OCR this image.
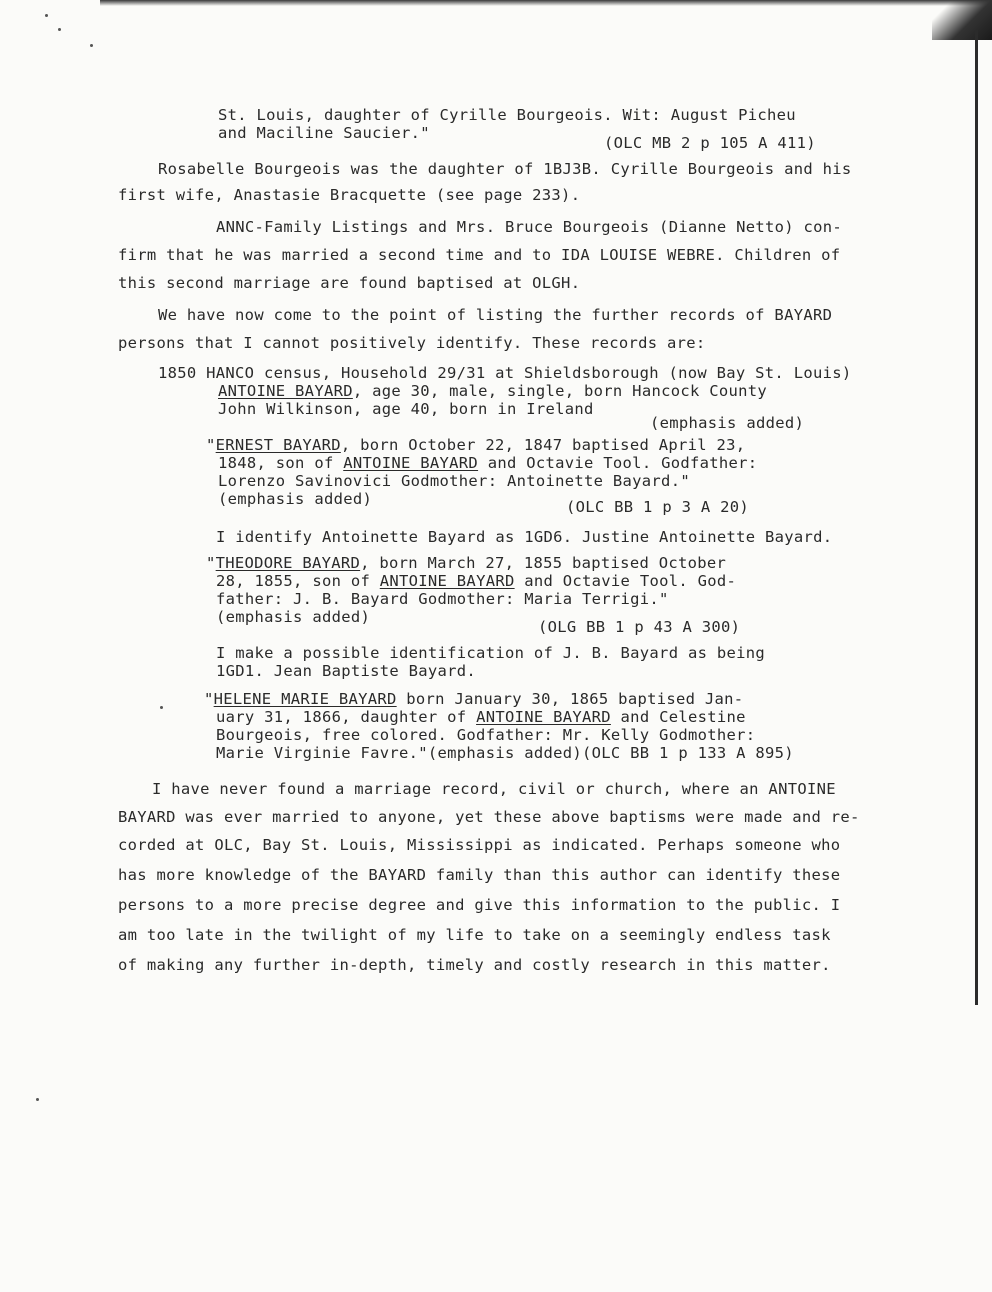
St. Louis, daughter of Cyrille Bourgeois. Wit: August Picheu
and Maciline Saucier."
(OLC MB 2 p 105 A 411)
Rosabelle Bourgeois was the daughter of 1BJ3B. Cyrille Bourgeois and his
first wife, Anastasie Bracquette (see page 233).
ANNC-Family Listings and Mrs. Bruce Bourgeois (Dianne Netto) con-
firm that he was married a second time and to IDA LOUISE WEBRE. Children of
this second marriage are found baptised at OLGH.
We have now come to the point of listing the further records of BAYARD
persons that I cannot positively identify. These records are:
1850 HANCO census, Household 29/31 at Shieldsborough (now Bay St. Louis)
ANTOINE BAYARD, age 30, male, single, born Hancock County
John Wilkinson, age 40, born in Ireland
(emphasis added)
"ERNEST BAYARD, born October 22, 1847 baptised April 23,
1848, son of ANTOINE BAYARD and Octavie Tool. Godfather:
Lorenzo Savinovici Godmother: Antoinette Bayard."
(emphasis added)	(OLC BB 1 p 3 A 20)
I identify Antoinette Bayard as 1GD6. Justine Antoinette Bayard.
"THEODORE BAYARD, born March 27, 1855 baptised October
28, 1855, son of ANTOINE BAYARD and Octavie Tool. God-
father: J. B. Bayard Godmother: Maria Terrigi."
(emphasis added)
(OLG BB 1 p 43 A 300)
I make a possible identification of J. B. Bayard as being
1GD1. Jean Baptiste Bayard.
"HELENE MARIE BAYARD born January 30, 1865 baptised Jan-
uary 31, 1866, daughter of ANTOINE BAYARD and Celestine
Bourgeois, free colored. Godfather: Mr. Kelly Godmother:
Marie Virginie Favre."(emphasis added)(OLC BB 1 p 133 A 895)
I have never found a marriage record, civil or church, where an ANTOINE
BAYARD was ever married to anyone, yet these above baptisms were made and re-
corded at OLC, Bay St. Louis, Mississippi as indicated. Perhaps someone who
has more knowledge of the BAYARD family than this author can identify these
persons to a more precise degree and give this information to the public. I
am too late in the twilight of my life to take on a seemingly endless task
of making any further in-depth, timely and costly research in this matter.
